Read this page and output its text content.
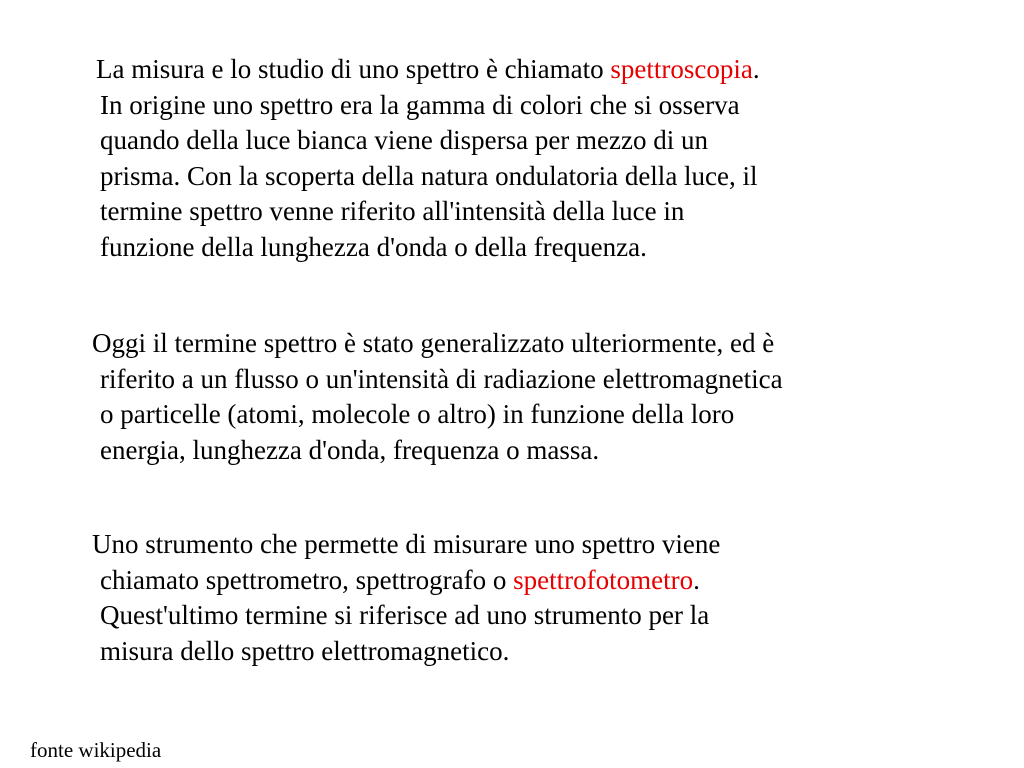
La misura e lo studio di uno spettro è chiamato spettroscopia.
In origine uno spettro era la gamma di colori che si osserva
quando della luce bianca viene dispersa per mezzo di un
prisma. Con la scoperta della natura ondulatoria della luce, il
termine spettro venne riferito all'intensità della luce in
funzione della lunghezza d'onda o della frequenza.
Oggi il termine spettro è stato generalizzato ulteriormente, ed è
riferito a un flusso o un'intensità di radiazione elettromagnetica
o particelle (atomi, molecole o altro) in funzione della loro
energia, lunghezza d'onda, frequenza o massa.
Uno strumento che permette di misurare uno spettro viene
chiamato spettrometro, spettrografo o spettrofotometro.
Quest'ultimo termine si riferisce ad uno strumento per la
misura dello spettro elettromagnetico.
fonte wikipedia
